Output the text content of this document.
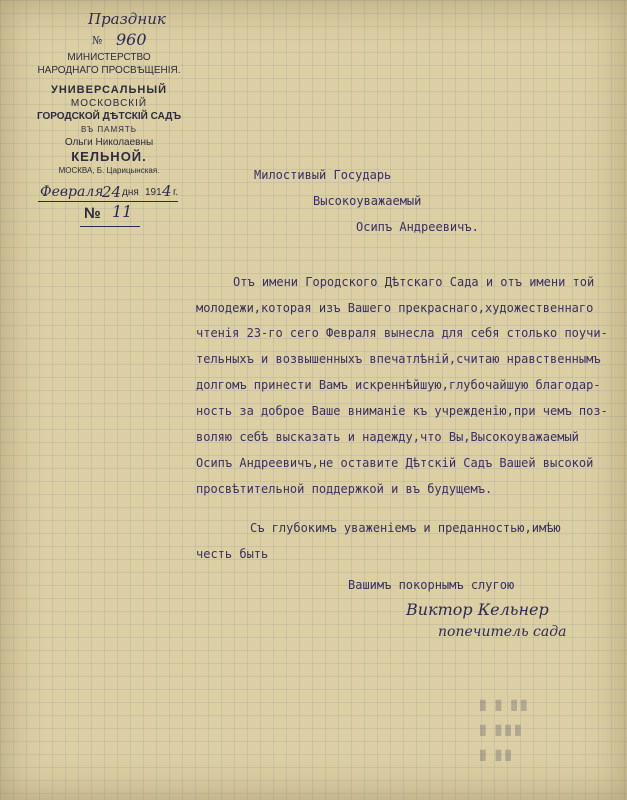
Праздник
№ 960
МИНИСТЕРСТВО
НАРОДНАГО ПРОСВѢЩЕНІЯ.
УНИВЕРСАЛЬНЫЙ
МОСКОВСКІЙ
ГОРОДСКОЙ ДѢТСКІЙ САДЪ
ВЪ ПАМЯТЬ
Ольги Николаевны
КЕЛЬНОЙ.
МОСКВА, Б. Царицынская.
Февраля
24 дня 191 4 г.
№ 11
Милостивый Государь
Высокоуважаемый
Осипъ Андреевичъ.
Отъ имени Городского Дѣтскаго Сада и отъ имени той
молодежи,которая изъ Вашего прекраснаго,художественнаго
чтенія 23-го сего Февраля вынесла для себя столько поучи-
тельныхъ и возвышенныхъ впечатлѣній,считаю нравственнымъ
долгомъ принести Вамъ искреннѣйшую,глубочайшую благодар-
ность за доброе Ваше вниманіе къ учрежденію,при чемъ поз-
воляю себѣ высказать и надежду,что Вы,Высокоуважаемый
Осипъ Андреевичъ,не оставите Дѣтскій Садъ Вашей высокой
просвѣтительной поддержкой и въ будущемъ.
Съ глубокимъ уваженіемъ и преданностью,имѣю
честь быть
Вашимъ покорнымъ слугою
Виктор Кельнер
попечитель сада
▮ ▮ ▮▮
▮ ▮▮▮
▮ ▮▮
